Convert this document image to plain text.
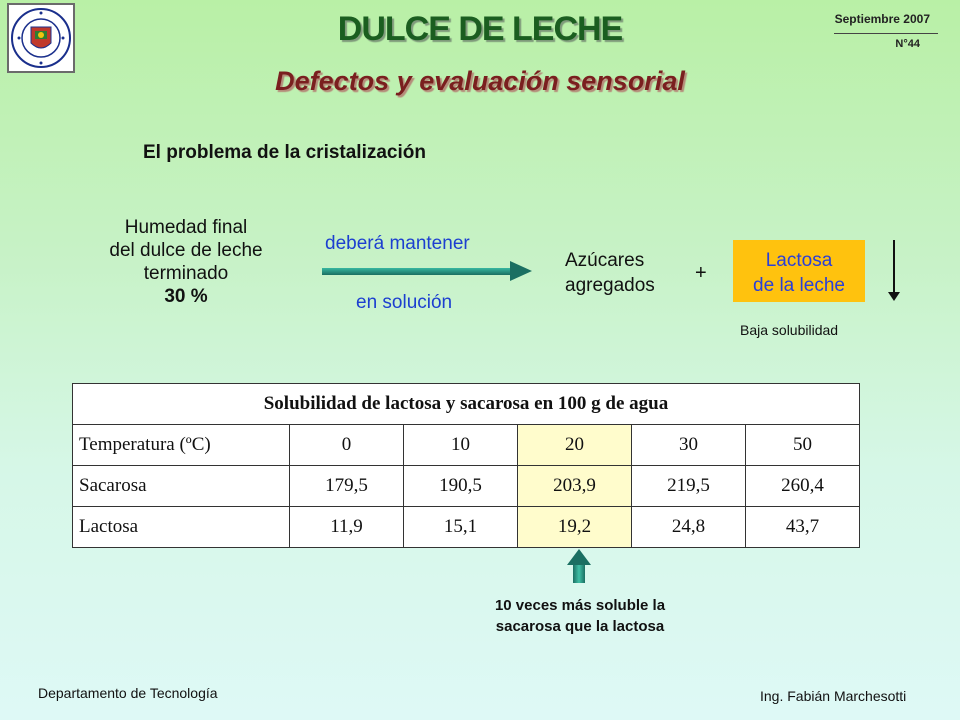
DULCE DE LECHE
Defectos y evaluación sensorial
Septiembre 2007
N°44
El problema de la cristalización
Humedad final
del dulce de leche
terminado
30 %
deberá mantener
en solución
Azúcares
agregados
+
Lactosa
de la leche
Baja solubilidad
Solubilidad de lactosa y sacarosa en 100 g de agua					
Temperatura (ºC)	0	10	20	30	50
Sacarosa	179,5	190,5	203,9	219,5	260,4
Lactosa	11,9	15,1	19,2	24,8	43,7
10 veces más soluble la
sacarosa que la lactosa
Departamento de Tecnología	Ing. Fabián Marchesotti
